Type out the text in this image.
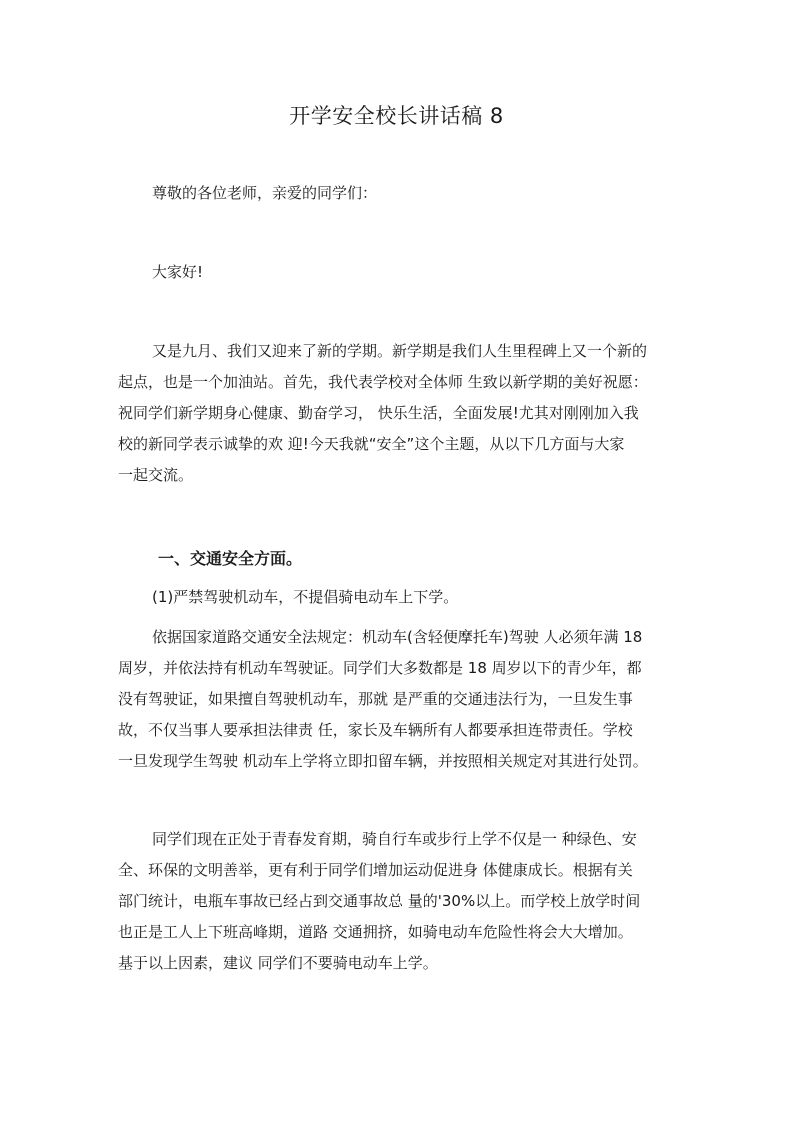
开学安全校长讲话稿 8
尊敬的各位老师，亲爱的同学们：
大家好!
又是九月、我们又迎来了新的学期。新学期是我们人生里程碑上又一个新的
起点，也是一个加油站。首先，我代表学校对全体师 生致以新学期的美好祝愿：
祝同学们新学期身心健康、勤奋学习， 快乐生活，全面发展!尤其对刚刚加入我
校的新同学表示诚挚的欢 迎!今天我就“安全”这个主题，从以下几方面与大家
一起交流。
一、交通安全方面。
(1)严禁驾驶机动车，不提倡骑电动车上下学。
依据国家道路交通安全法规定：机动车(含轻便摩托车)驾驶 人必须年满 18
周岁，并依法持有机动车驾驶证。同学们大多数都是 18 周岁以下的青少年，都
没有驾驶证，如果擅自驾驶机动车，那就 是严重的交通违法行为，一旦发生事
故，不仅当事人要承担法律责 任，家长及车辆所有人都要承担连带责任。学校
一旦发现学生驾驶 机动车上学将立即扣留车辆，并按照相关规定对其进行处罚。
同学们现在正处于青春发育期，骑自行车或步行上学不仅是一 种绿色、安
全、环保的文明善举，更有利于同学们增加运动促进身 体健康成长。根据有关
部门统计，电瓶车事故已经占到交通事故总 量的'30%以上。而学校上放学时间
也正是工人上下班高峰期，道路 交通拥挤，如骑电动车危险性将会大大增加。
基于以上因素，建议 同学们不要骑电动车上学。
